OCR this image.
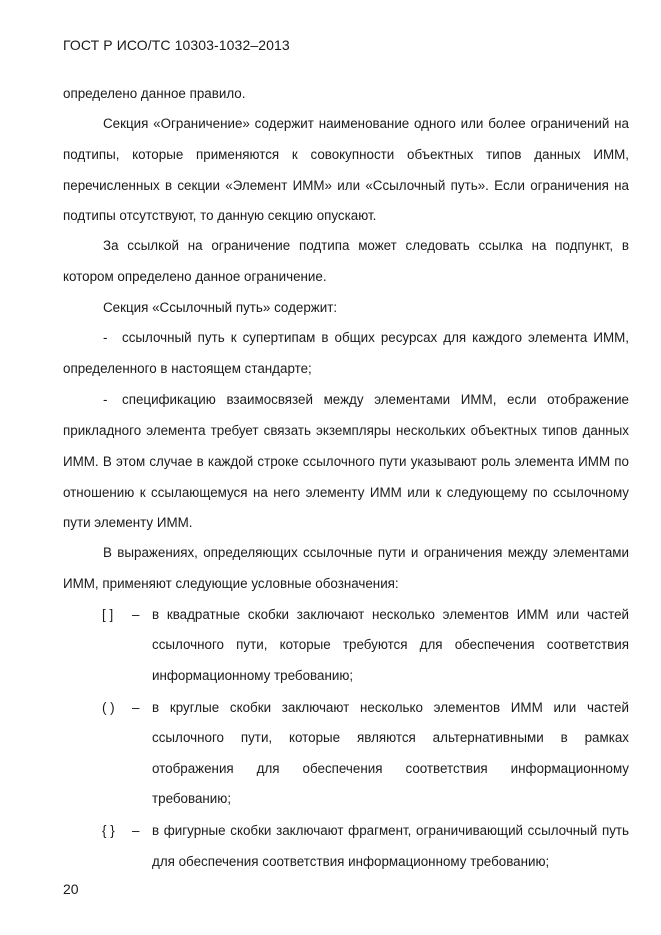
ГОСТ Р ИСО/ТС 10303-1032–2013
определено данное правило.
Секция «Ограничение» содержит наименование одного или более ограничений на
подтипы, которые применяются к совокупности объектных типов данных ИММ,
перечисленных в секции «Элемент ИММ» или «Ссылочный путь». Если ограничения на
подтипы отсутствуют, то данную секцию опускают.
За ссылкой на ограничение подтипа может следовать ссылка на подпункт, в
котором определено данное ограничение.
Секция «Ссылочный путь» содержит:
- ссылочный путь к супертипам в общих ресурсах для каждого элемента ИММ,
определенного в настоящем стандарте;
- спецификацию взаимосвязей между элементами ИММ, если отображение
прикладного элемента требует связать экземпляры нескольких объектных типов данных
ИММ. В этом случае в каждой строке ссылочного пути указывают роль элемента ИММ по
отношению к ссылающемуся на него элементу ИММ или к следующему по ссылочному
пути элементу ИММ.
В выражениях, определяющих ссылочные пути и ограничения между элементами
ИММ, применяют следующие условные обозначения:
[ ] – в квадратные скобки заключают несколько элементов ИММ или частей
ссылочного пути, которые требуются для обеспечения соответствия
информационному требованию;
( ) – в круглые скобки заключают несколько элементов ИММ или частей
ссылочного пути, которые являются альтернативными в рамках
отображения для обеспечения соответствия информационному
требованию;
{ } – в фигурные скобки заключают фрагмент, ограничивающий ссылочный путь
для обеспечения соответствия информационному требованию;
20
